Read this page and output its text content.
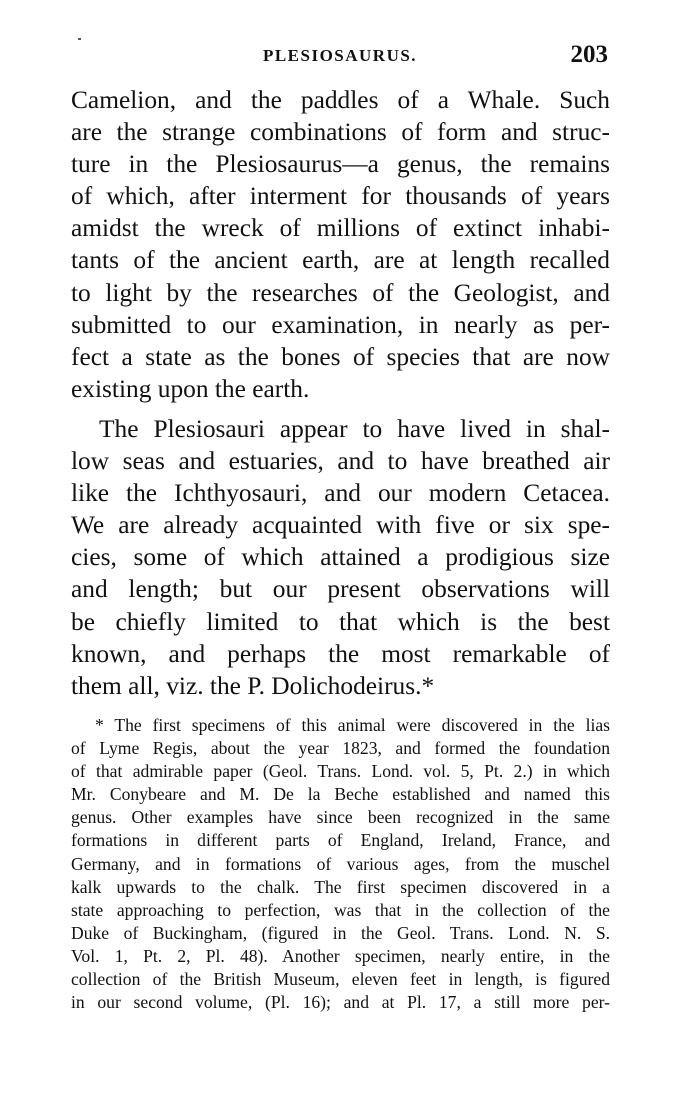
PLESIOSAURUS.	203
Camelion, and the paddles of a Whale. Such
are the strange combinations of form and struc-
ture in the Plesiosaurus—a genus, the remains
of which, after interment for thousands of years
amidst the wreck of millions of extinct inhabi-
tants of the ancient earth, are at length recalled
to light by the researches of the Geologist, and
submitted to our examination, in nearly as per-
fect a state as the bones of species that are now
existing upon the earth.
The Plesiosauri appear to have lived in shal-
low seas and estuaries, and to have breathed air
like the Ichthyosauri, and our modern Cetacea.
We are already acquainted with five or six spe-
cies, some of which attained a prodigious size
and length; but our present observations will
be chiefly limited to that which is the best
known, and perhaps the most remarkable of
them all, viz. the P. Dolichodeirus.*
* The first specimens of this animal were discovered in the lias
of Lyme Regis, about the year 1823, and formed the foundation
of that admirable paper (Geol. Trans. Lond. vol. 5, Pt. 2.) in which
Mr. Conybeare and M. De la Beche established and named this
genus. Other examples have since been recognized in the same
formations in different parts of England, Ireland, France, and
Germany, and in formations of various ages, from the muschel
kalk upwards to the chalk. The first specimen discovered in a
state approaching to perfection, was that in the collection of the
Duke of Buckingham, (figured in the Geol. Trans. Lond. N. S.
Vol. 1, Pt. 2, Pl. 48). Another specimen, nearly entire, in the
collection of the British Museum, eleven feet in length, is figured
in our second volume, (Pl. 16); and at Pl. 17, a still more per-
